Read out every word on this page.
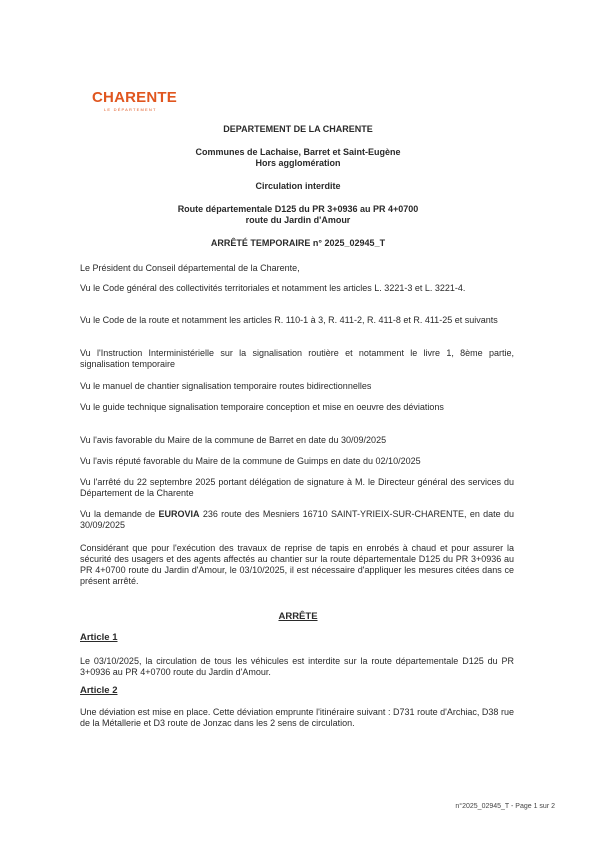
CHARENTE
LE DÉPARTEMENT
DEPARTEMENT DE LA CHARENTE
Communes de Lachaise, Barret et Saint-Eugène
Hors agglomération
Circulation interdite
Route départementale D125 du PR 3+0936 au PR 4+0700
route du Jardin d'Amour
ARRÊTÉ TEMPORAIRE n° 2025_02945_T
Le Président du Conseil départemental de la Charente,
Vu le Code général des collectivités territoriales et notamment les articles L. 3221-3 et L. 3221-4.
Vu le Code de la route et notamment les articles R. 110-1 à 3, R. 411-2, R. 411-8 et R. 411-25 et suivants
Vu l'Instruction Interministérielle sur la signalisation routière et notamment le livre 1, 8ème partie, signalisation temporaire
Vu le manuel de chantier signalisation temporaire routes bidirectionnelles
Vu le guide technique signalisation temporaire conception et mise en oeuvre des déviations
Vu l'avis favorable du Maire de la commune de Barret en date du 30/09/2025
Vu l'avis réputé favorable du Maire de la commune de Guimps en date du 02/10/2025
Vu l'arrêté du 22 septembre 2025 portant délégation de signature à M. le Directeur général des services du Département de la Charente
Vu la demande de EUROVIA 236 route des Mesniers 16710 SAINT-YRIEIX-SUR-CHARENTE, en date du 30/09/2025
Considérant que pour l'exécution des travaux de reprise de tapis en enrobés à chaud et pour assurer la sécurité des usagers et des agents affectés au chantier sur la route départementale D125 du PR 3+0936 au PR 4+0700 route du Jardin d'Amour, le 03/10/2025, il est nécessaire d'appliquer les mesures citées dans ce présent arrêté.
ARRÊTE
Article 1
Le 03/10/2025, la circulation de tous les véhicules est interdite sur la route départementale D125 du PR 3+0936 au PR 4+0700 route du Jardin d'Amour.
Article 2
Une déviation est mise en place. Cette déviation emprunte l'itinéraire suivant : D731 route d'Archiac, D38 rue de la Métallerie et D3 route de Jonzac dans les 2 sens de circulation.
n°2025_02945_T - Page 1 sur 2
